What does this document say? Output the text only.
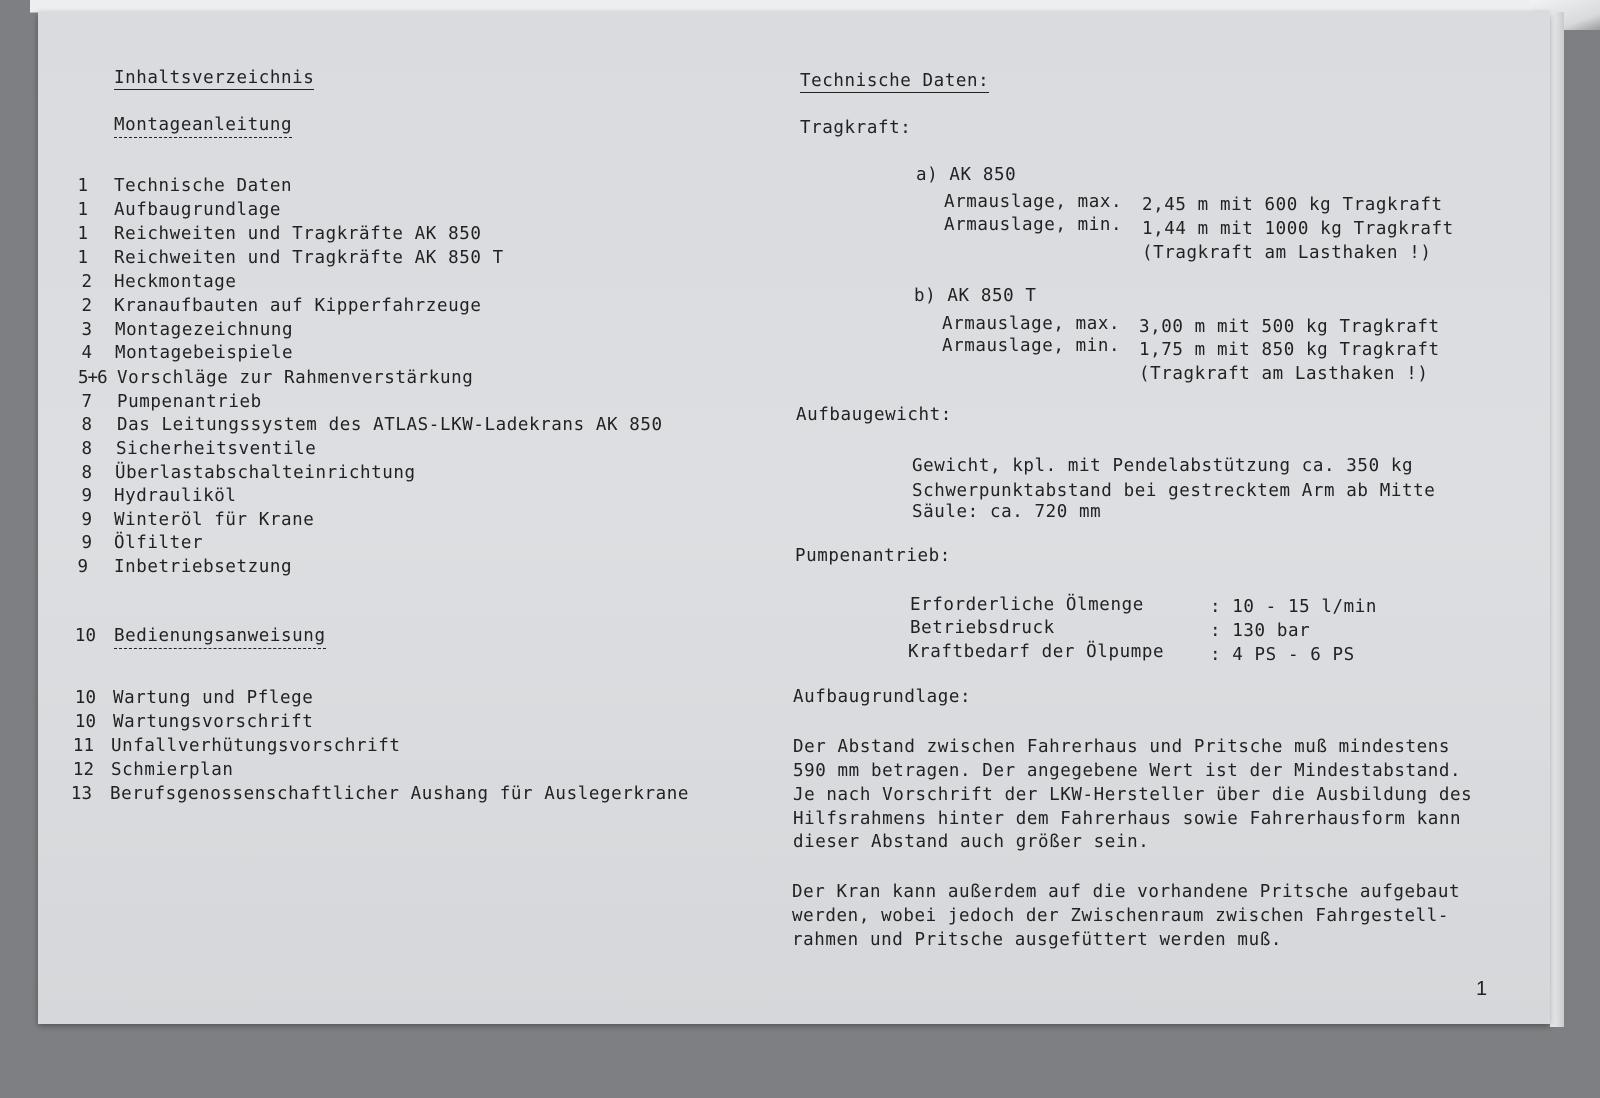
Inhaltsverzeichnis
Montageanleitung
1 Technische Daten
1 Aufbaugrundlage
1 Reichweiten und Tragkräfte AK 850
1 Reichweiten und Tragkräfte AK 850 T
2 Heckmontage
2 Kranaufbauten auf Kipperfahrzeuge
3 Montagezeichnung
4 Montagebeispiele
5+6 Vorschläge zur Rahmenverstärkung
7 Pumpenantrieb
8 Das Leitungssystem des ATLAS-LKW-Ladekrans AK 850
8 Sicherheitsventile
8 Überlastabschalteinrichtung
9 Hydrauliköl
9 Winteröl für Krane
9 Ölfilter
9 Inbetriebsetzung
10 Bedienungsanweisung
10 Wartung und Pflege
10 Wartungsvorschrift
11 Unfallverhütungsvorschrift
12 Schmierplan
13 Berufsgenossenschaftlicher Aushang für Auslegerkrane
Technische Daten:
Tragkraft:
a) AK 850
Armauslage, max. 2,45 m mit 600 kg Tragkraft
Armauslage, min. 1,44 m mit 1000 kg Tragkraft
(Tragkraft am Lasthaken !)
b) AK 850 T
Armauslage, max. 3,00 m mit 500 kg Tragkraft
Armauslage, min. 1,75 m mit 850 kg Tragkraft
(Tragkraft am Lasthaken !)
Aufbaugewicht:
Gewicht, kpl. mit Pendelabstützung ca. 350 kg
Schwerpunktabstand bei gestrecktem Arm ab Mitte
Säule: ca. 720 mm
Pumpenantrieb:
Erforderliche Ölmenge	: 10 - 15 l/min
Betriebsdruck	: 130 bar
Kraftbedarf der Ölpumpe	: 4 PS - 6 PS
Aufbaugrundlage:
Der Abstand zwischen Fahrerhaus und Pritsche muß mindestens
590 mm betragen. Der angegebene Wert ist der Mindestabstand.
Je nach Vorschrift der LKW-Hersteller über die Ausbildung des
Hilfsrahmens hinter dem Fahrerhaus sowie Fahrerhausform kann
dieser Abstand auch größer sein.
Der Kran kann außerdem auf die vorhandene Pritsche aufgebaut
werden, wobei jedoch der Zwischenraum zwischen Fahrgestell-
rahmen und Pritsche ausgefüttert werden muß.
1
